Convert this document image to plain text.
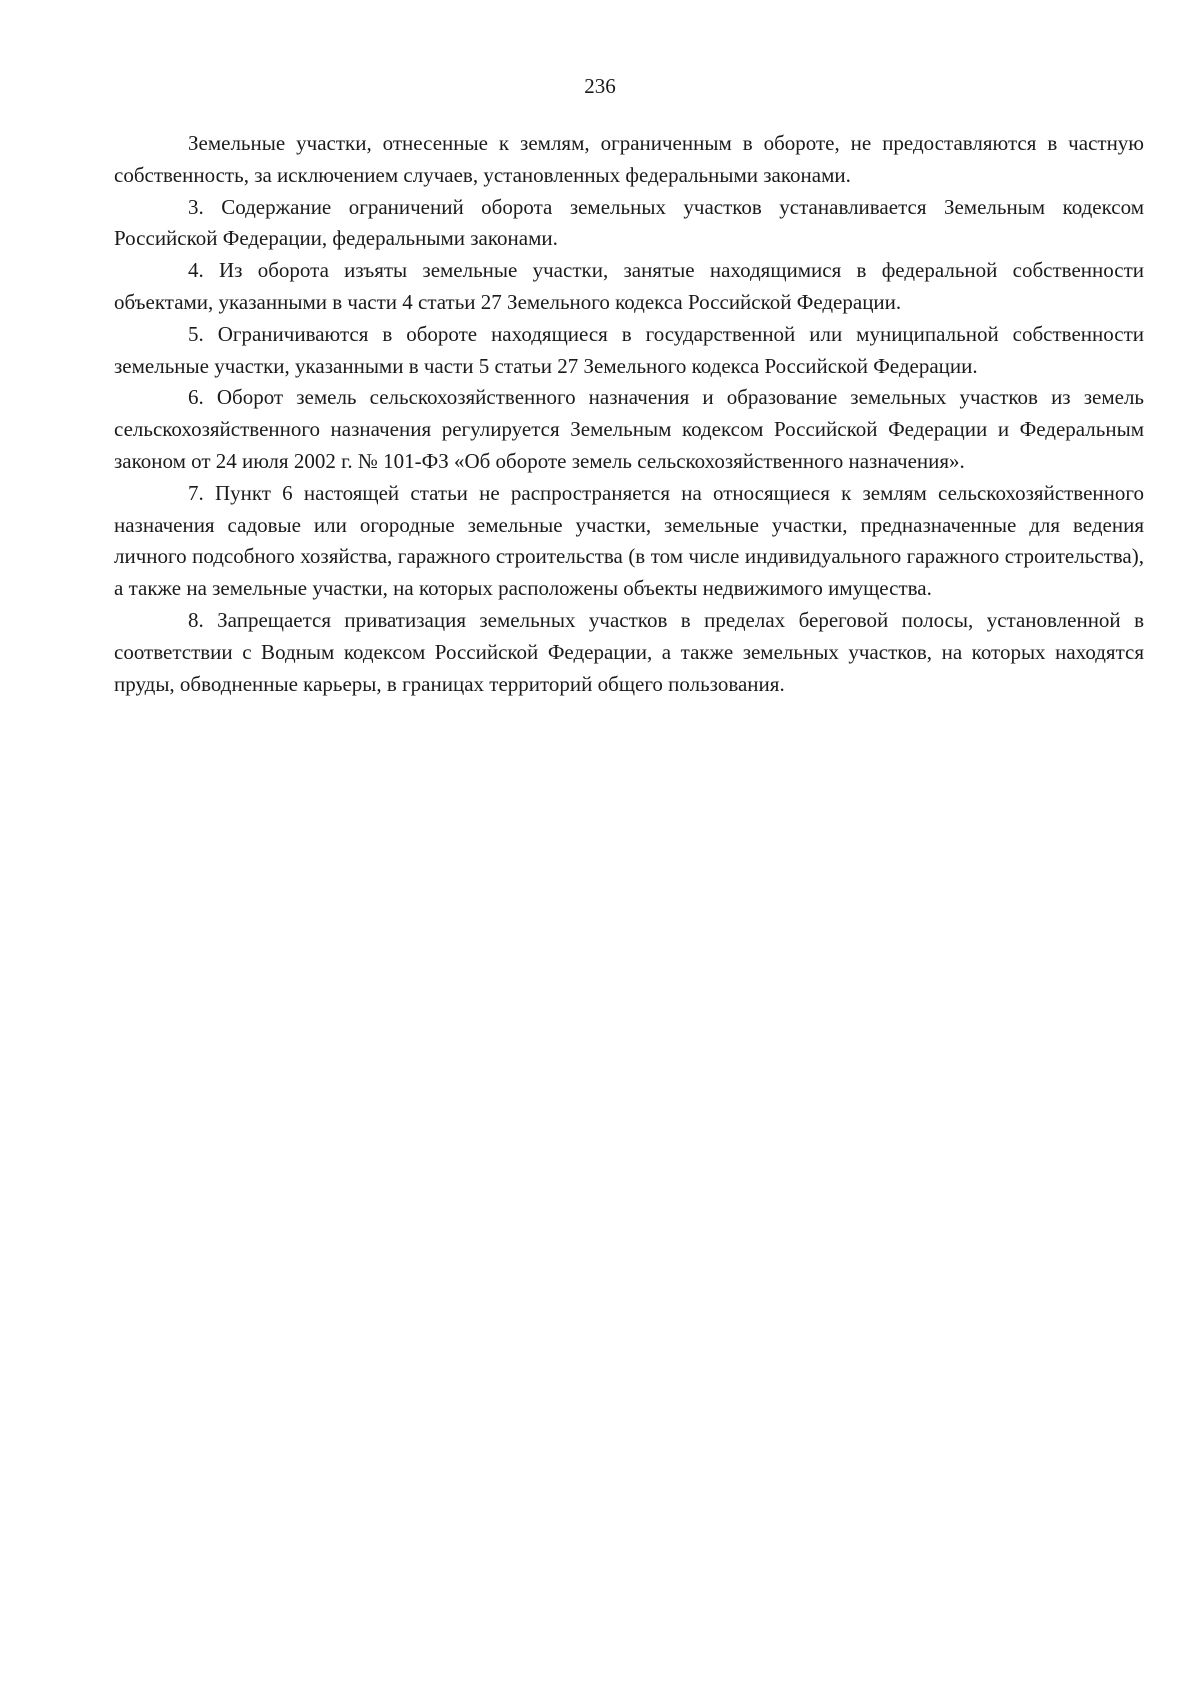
236

Земельные участки, отнесенные к землям, ограниченным в обороте, не предоставляются в частную собственность, за исключением случаев, установленных федеральными законами.

3. Содержание ограничений оборота земельных участков устанавливается Земельным кодексом Российской Федерации, федеральными законами.

4. Из оборота изъяты земельные участки, занятые находящимися в федеральной собственности объектами, указанными в части 4 статьи 27 Земельного кодекса Российской Федерации.

5. Ограничиваются в обороте находящиеся в государственной или муниципальной собственности земельные участки, указанными в части 5 статьи 27 Земельного кодекса Российской Федерации.

6. Оборот земель сельскохозяйственного назначения и образование земельных участков из земель сельскохозяйственного назначения регулируется Земельным кодексом Российской Федерации и Федеральным законом от 24 июля 2002 г. № 101-ФЗ «Об обороте земель сельскохозяйственного назначения».

7. Пункт 6 настоящей статьи не распространяется на относящиеся к землям сельскохозяйственного назначения садовые или огородные земельные участки, земельные участки, предназначенные для ведения личного подсобного хозяйства, гаражного строительства (в том числе индивидуального гаражного строительства), а также на земельные участки, на которых расположены объекты недвижимого имущества.

8. Запрещается приватизация земельных участков в пределах береговой полосы, установленной в соответствии с Водным кодексом Российской Федерации, а также земельных участков, на которых находятся пруды, обводненные карьеры, в границах территорий общего пользования.
